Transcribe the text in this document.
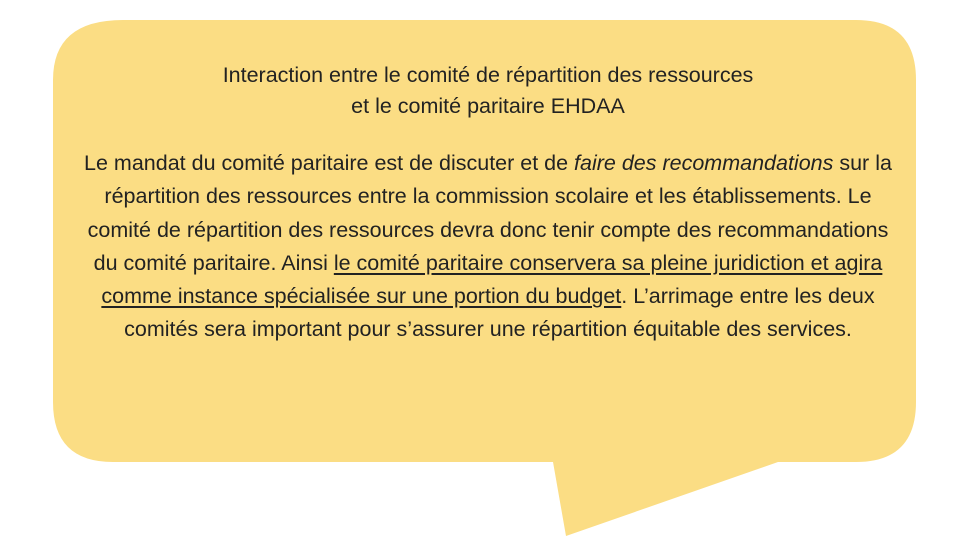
Interaction entre le comité de répartition des ressources
et le comité paritaire EHDAA

Le mandat du comité paritaire est de discuter et de faire des recommandations sur la répartition des ressources entre la commission scolaire et les établissements. Le comité de répartition des ressources devra donc tenir compte des recommandations du comité paritaire. Ainsi le comité paritaire conservera sa pleine juridiction et agira comme instance spécialisée sur une portion du budget. L’arrimage entre les deux comités sera important pour s’assurer une répartition équitable des services.
